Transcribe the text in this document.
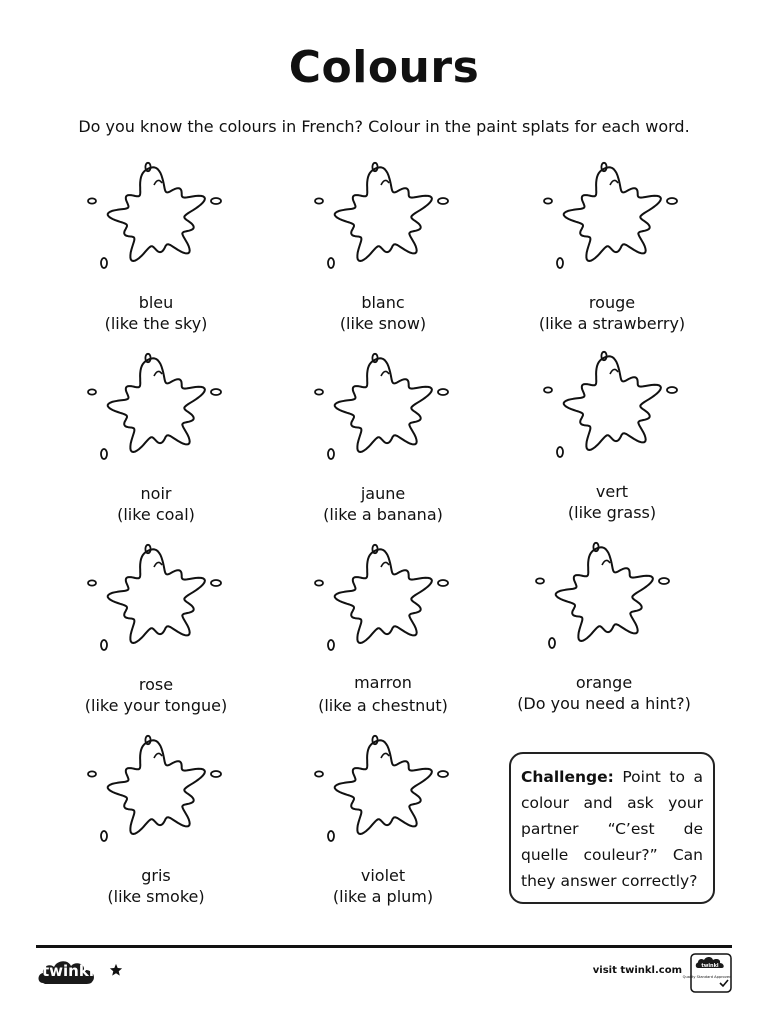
Colours
Do you know the colours in French? Colour in the paint splats for each word.
bleu
(like the sky)
blanc
(like snow)
rouge
(like a strawberry)
noir
(like coal)
jaune
(like a banana)
vert
(like grass)
rose
(like your tongue)
marron
(like a chestnut)
orange
(Do you need a hint?)
gris
(like smoke)
violet
(like a plum)
Challenge: Point to a colour and ask your partner “C’est de quelle couleur?” Can they answer correctly?
twinkl	visit twinkl.com	twinkl
Quality Standard Approved
